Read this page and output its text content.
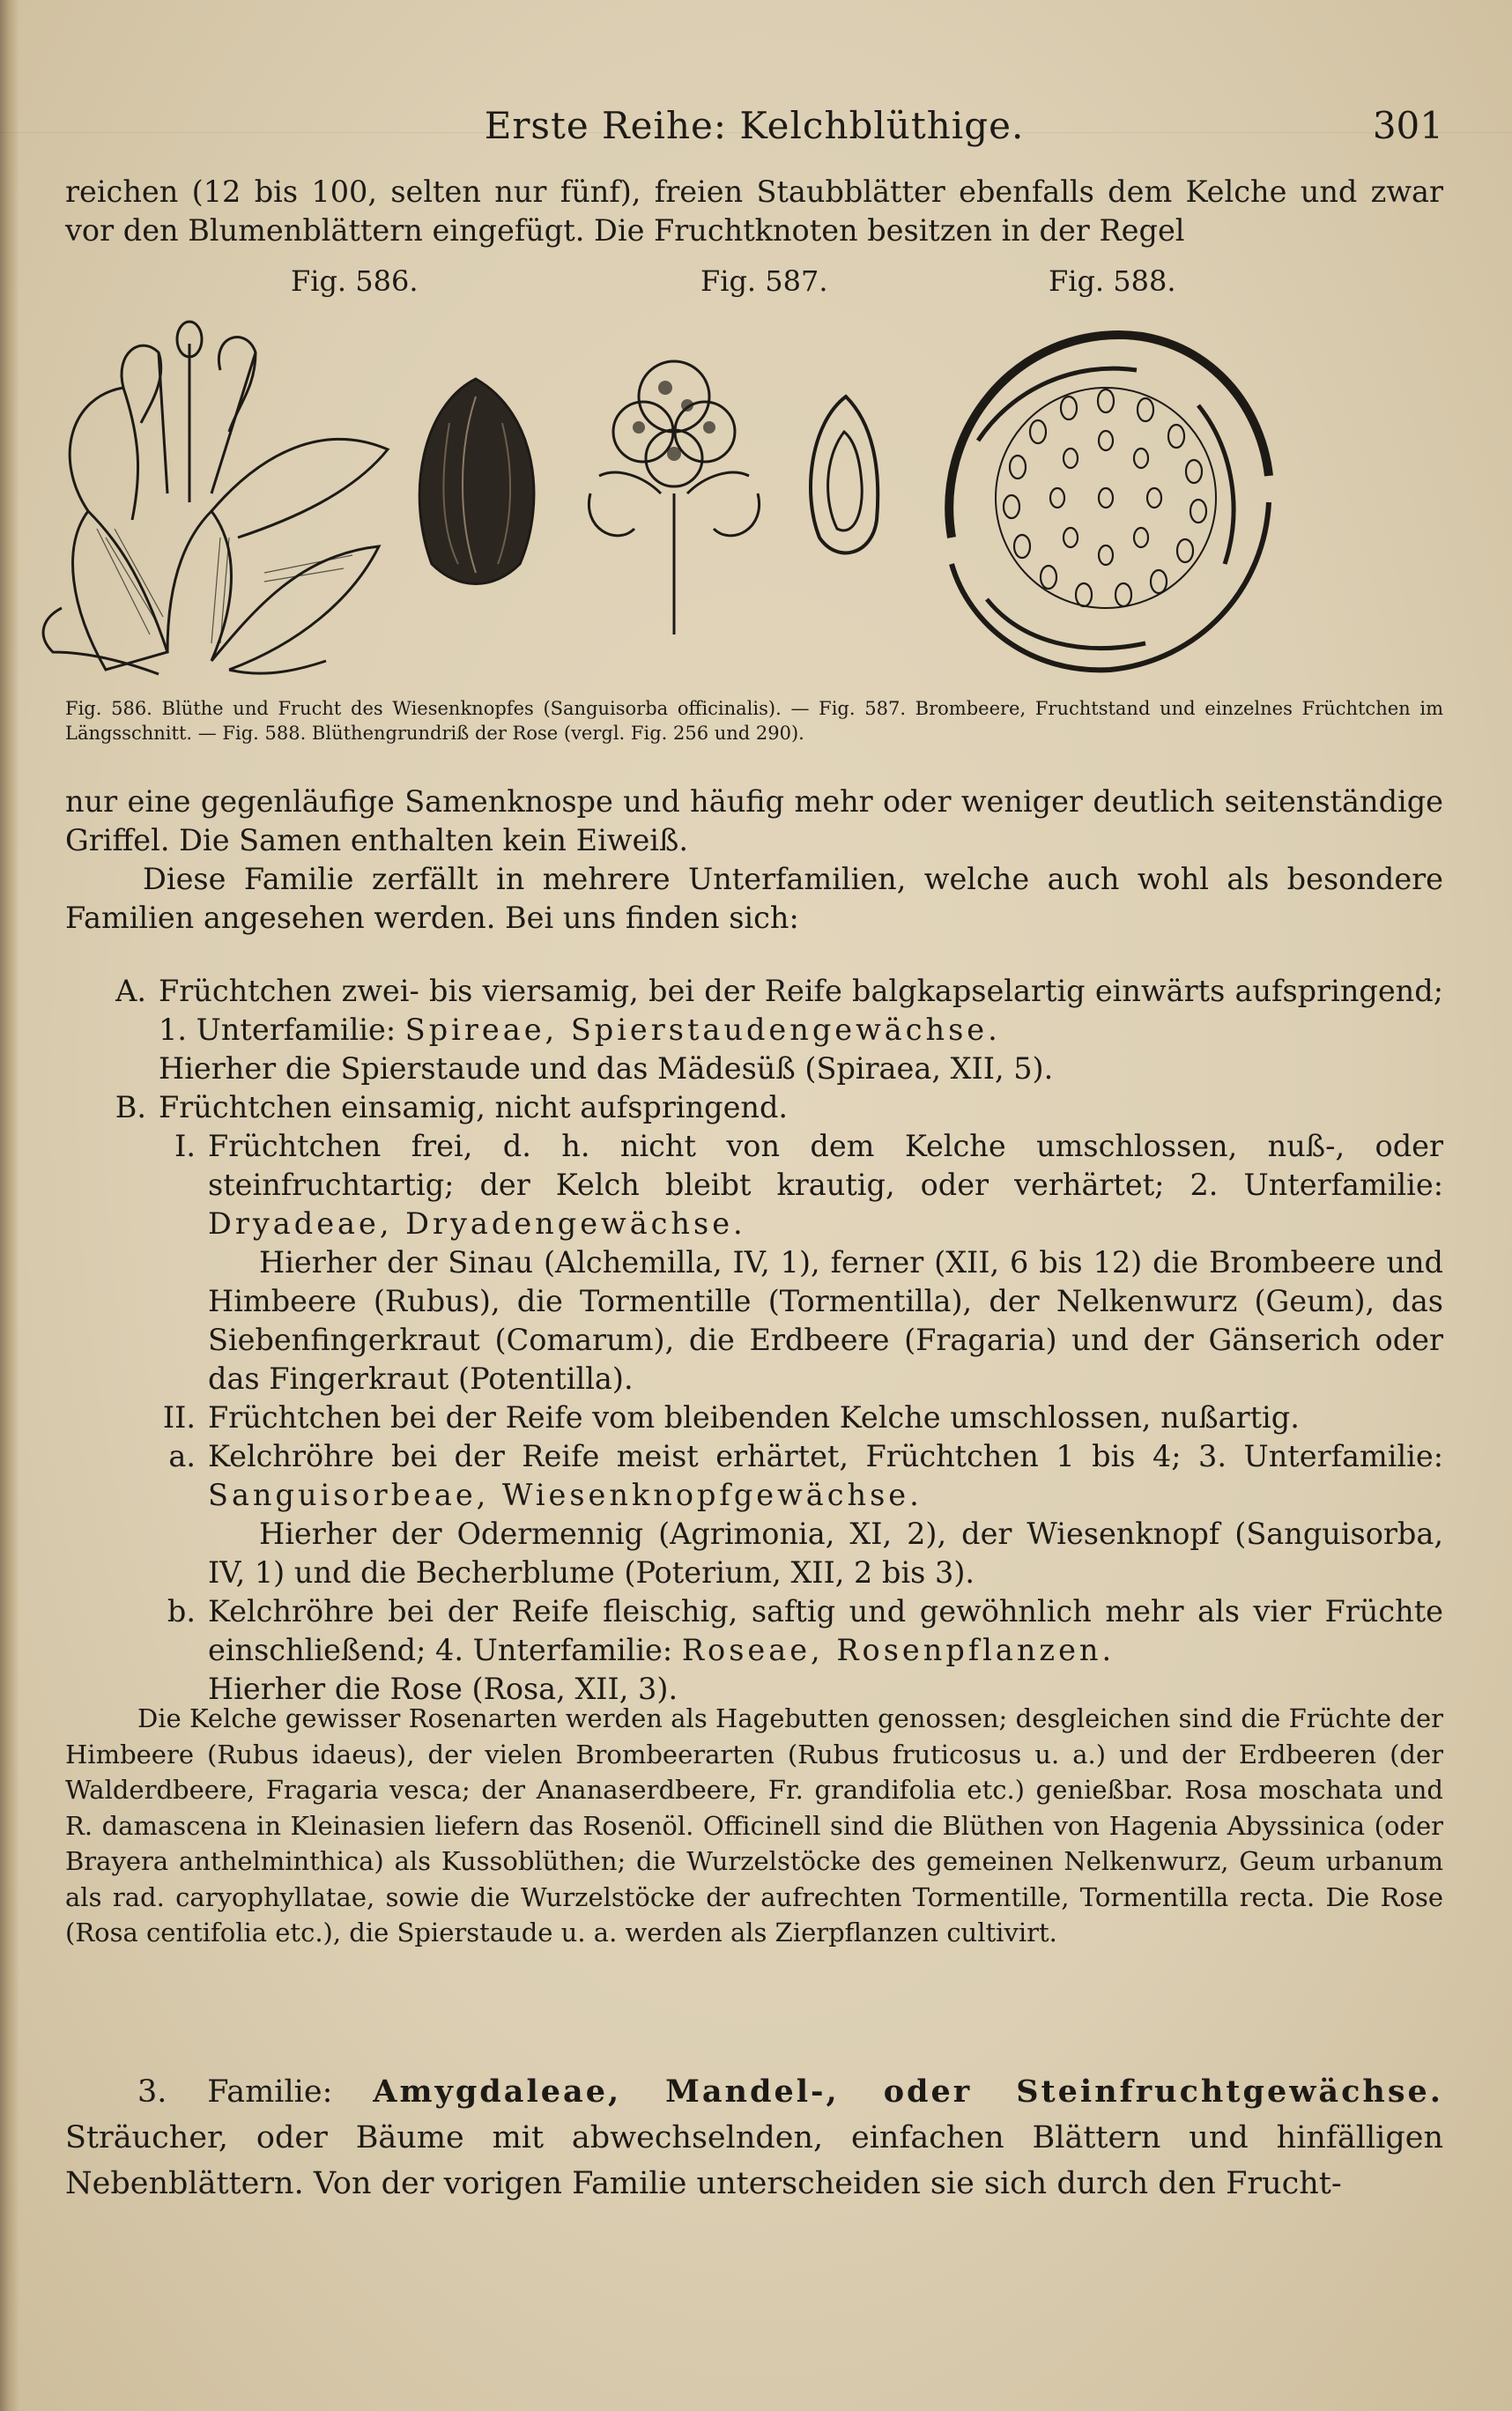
Erste Reihe: Kelchblüthige.	301

reichen (12 bis 100, selten nur fünf), freien Staubblätter ebenfalls dem Kelche und zwar vor den Blumenblättern eingefügt. Die Fruchtknoten besitzen in der Regel

Fig. 586.	Fig. 587.	Fig. 588.
Fig. 586. Blüthe und Frucht des Wiesenknopfes (Sanguisorba officinalis). — Fig. 587. Brombeere, Fruchtstand und einzelnes Früchtchen im Längsschnitt. — Fig. 588. Blüthengrundriß der Rose (vergl. Fig. 256 und 290).

nur eine gegenläufige Samenknospe und häufig mehr oder weniger deutlich seitenständige Griffel. Die Samen enthalten kein Eiweiß.

Diese Familie zerfällt in mehrere Unterfamilien, welche auch wohl als besondere Familien angesehen werden. Bei uns finden sich:

A. Früchtchen zwei- bis viersamig, bei der Reife balgkapselartig einwärts aufspringend; 1. Unterfamilie: Spireae, Spierstaudengewächse.
Hierher die Spierstaude und das Mädesüß (Spiraea, XII, 5).
B. Früchtchen einsamig, nicht aufspringend.
I. Früchtchen frei, d. h. nicht von dem Kelche umschlossen, nuß-, oder steinfruchtartig; der Kelch bleibt krautig, oder verhärtet; 2. Unterfamilie: Dryadeae, Dryadengewächse.
Hierher der Sinau (Alchemilla, IV, 1), ferner (XII, 6 bis 12) die Brombeere und Himbeere (Rubus), die Tormentille (Tormentilla), der Nelkenwurz (Geum), das Siebenfingerkraut (Comarum), die Erdbeere (Fragaria) und der Gänserich oder das Fingerkraut (Potentilla).
II. Früchtchen bei der Reife vom bleibenden Kelche umschlossen, nußartig.
a. Kelchröhre bei der Reife meist erhärtet, Früchtchen 1 bis 4; 3. Unterfamilie: Sanguisorbeae, Wiesenknopfgewächse.
Hierher der Odermennig (Agrimonia, XI, 2), der Wiesenknopf (Sanguisorba, IV, 1) und die Becherblume (Poterium, XII, 2 bis 3).
b. Kelchröhre bei der Reife fleischig, saftig und gewöhnlich mehr als vier Früchte einschließend; 4. Unterfamilie: Roseae, Rosenpflanzen.
Hierher die Rose (Rosa, XII, 3).

Die Kelche gewisser Rosenarten werden als Hagebutten genossen; desgleichen sind die Früchte der Himbeere (Rubus idaeus), der vielen Brombeerarten (Rubus fruticosus u. a.) und der Erdbeeren (der Walderdbeere, Fragaria vesca; der Ananaserdbeere, Fr. grandifolia etc.) genießbar. Rosa moschata und R. damascena in Kleinasien liefern das Rosenöl. Officinell sind die Blüthen von Hagenia Abyssinica (oder Brayera anthelminthica) als Kussoblüthen; die Wurzelstöcke des gemeinen Nelkenwurz, Geum urbanum als rad. caryophyllatae, sowie die Wurzelstöcke der aufrechten Tormentille, Tormentilla recta. Die Rose (Rosa centifolia etc.), die Spierstaude u. a. werden als Zierpflanzen cultivirt.

3. Familie: Amygdaleae, Mandel-, oder Steinfruchtgewächse. Sträucher, oder Bäume mit abwechselnden, einfachen Blättern und hinfälligen Nebenblättern. Von der vorigen Familie unterscheiden sie sich durch den Frucht-
